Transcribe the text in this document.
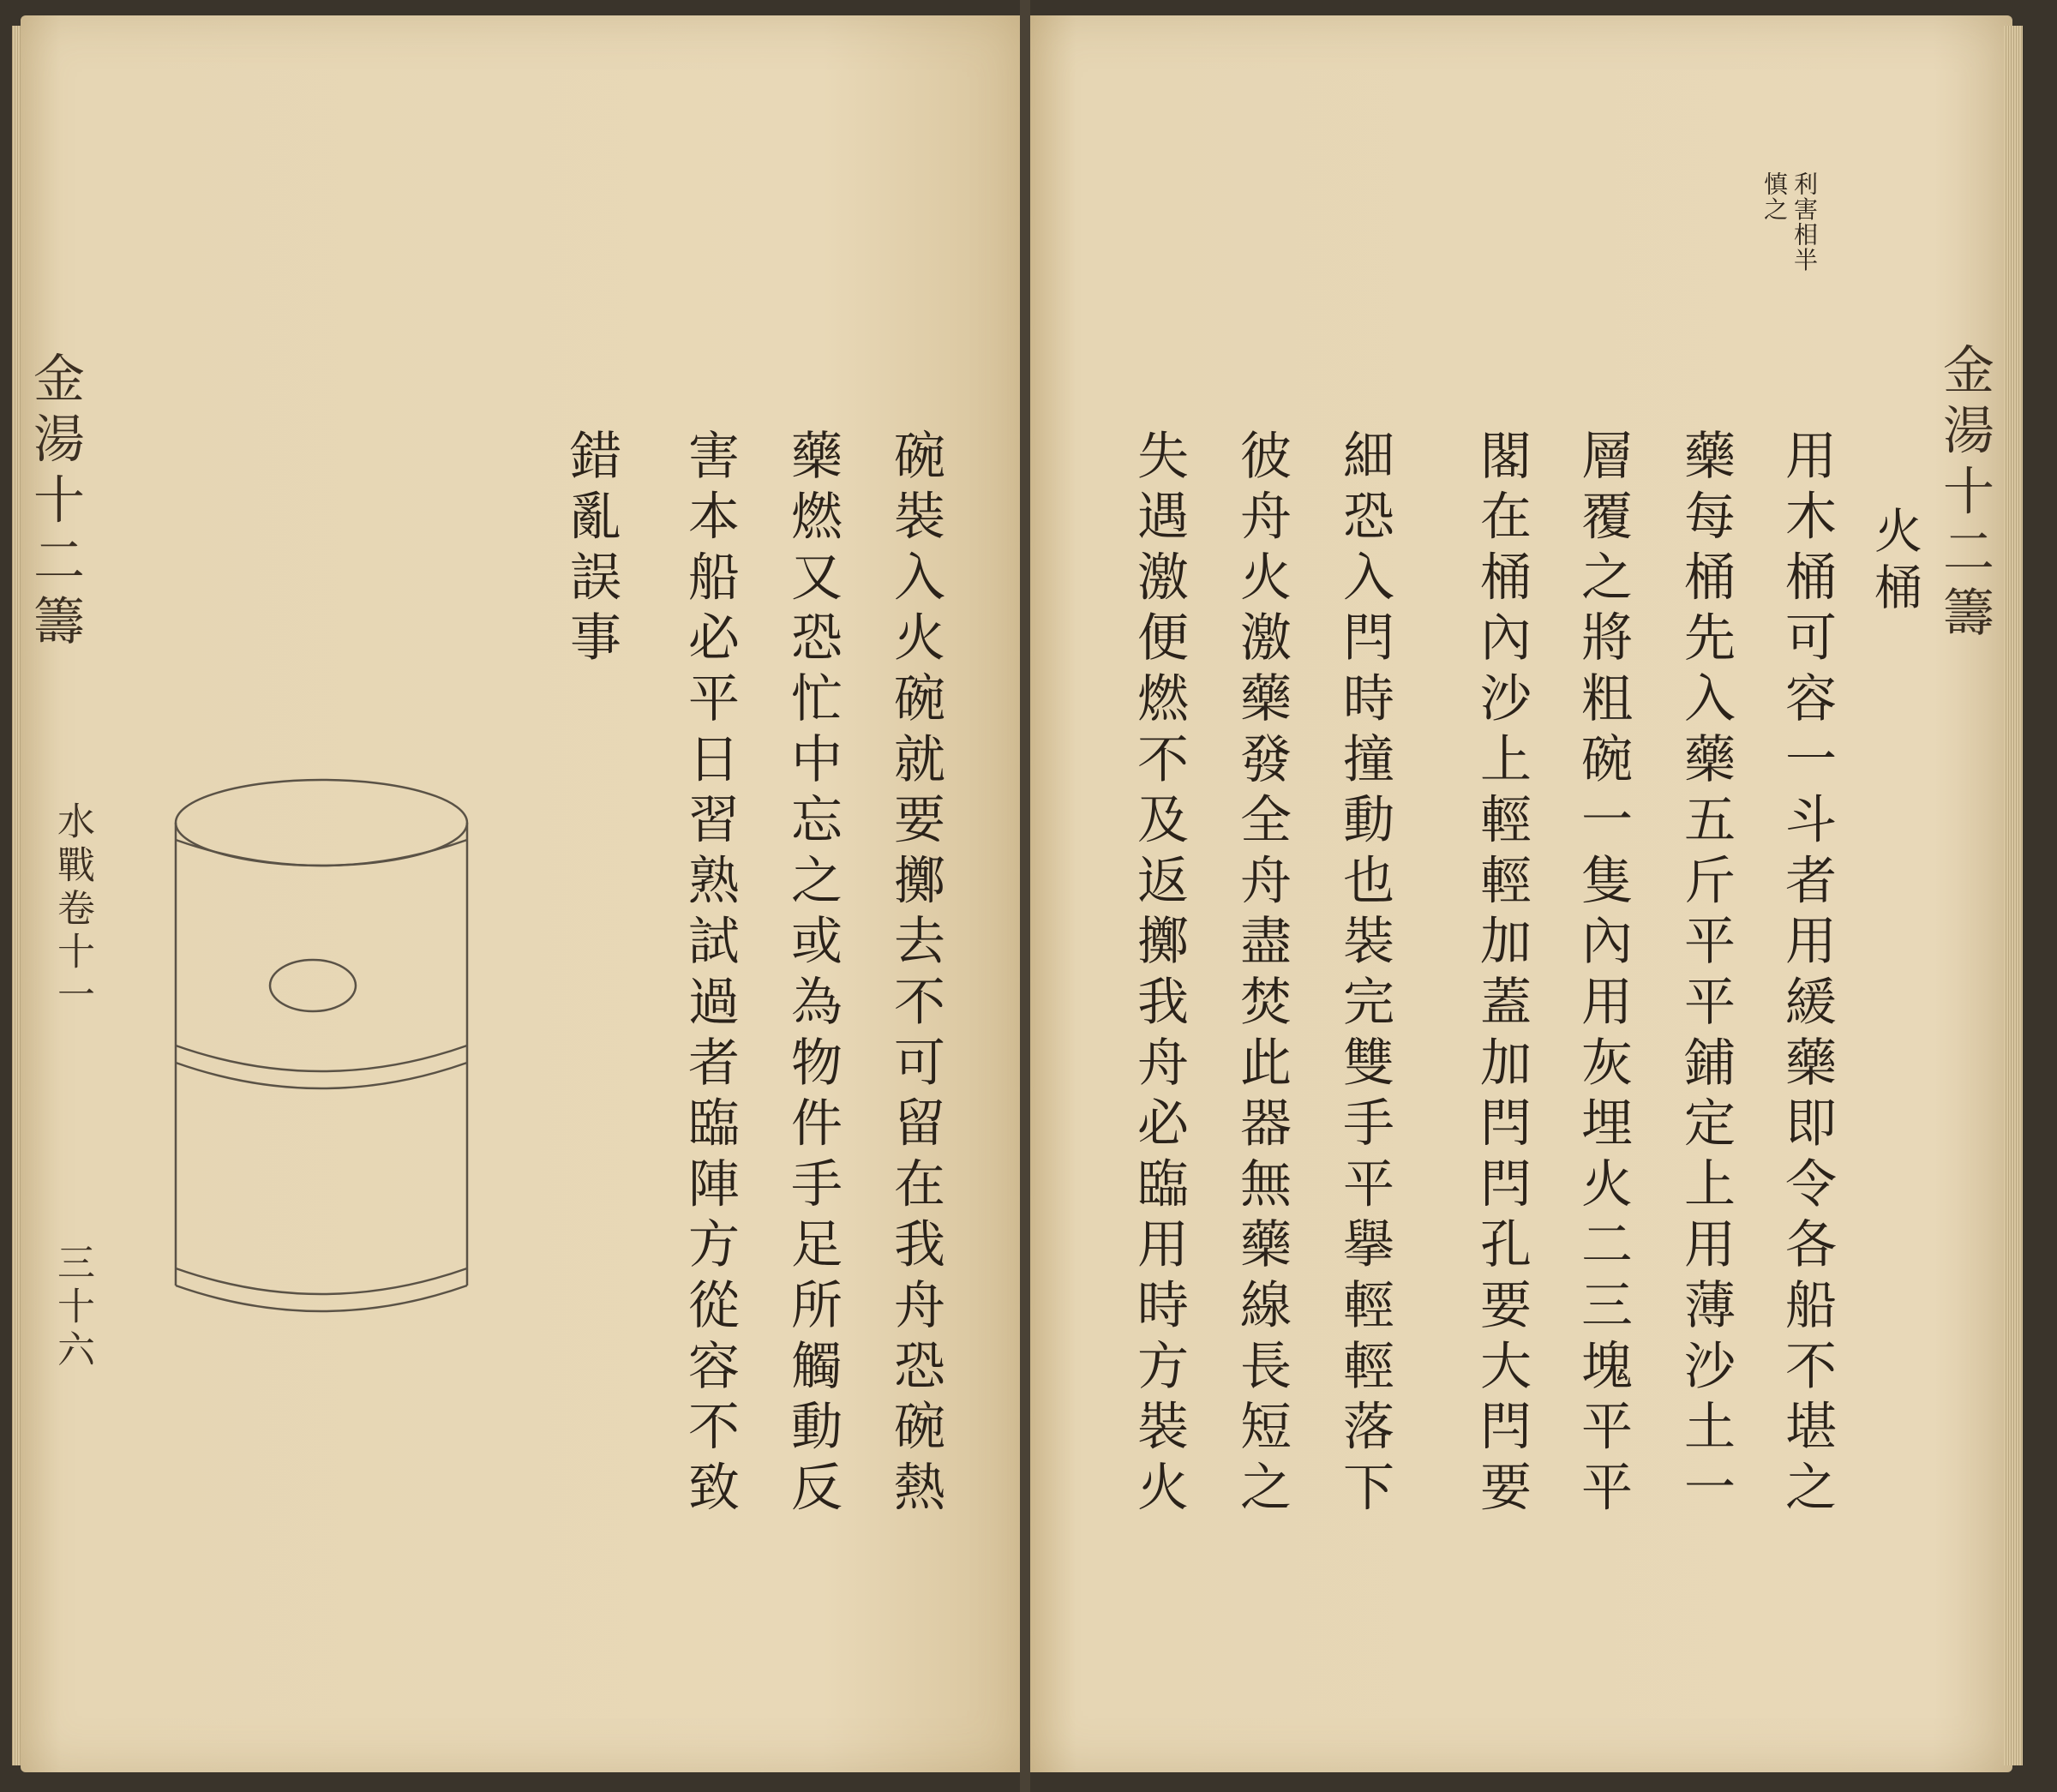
金湯十二籌
水戰卷十一
三十六	碗裝入火碗就要擲去不可留在我舟恐碗熱
藥燃又恐忙中忘之或為物件手足所觸動反
害本船必平日習熟試過者臨陣方從容不致
錯亂誤事	金湯十二籌
利害相半
慎之
火桶
用木桶可容一斗者用緩藥即令各船不堪之
藥每桶先入藥五斤平平鋪定上用薄沙土一
層覆之將粗碗一隻內用灰埋火二三塊平平
閣在桶內沙上輕輕加蓋加閂閂孔要大閂要
細恐入閂時撞動也裝完雙手平擧輕輕落下
彼舟火激藥發全舟盡焚此器無藥線長短之
失遇激便燃不及返擲我舟必臨用時方裝火
